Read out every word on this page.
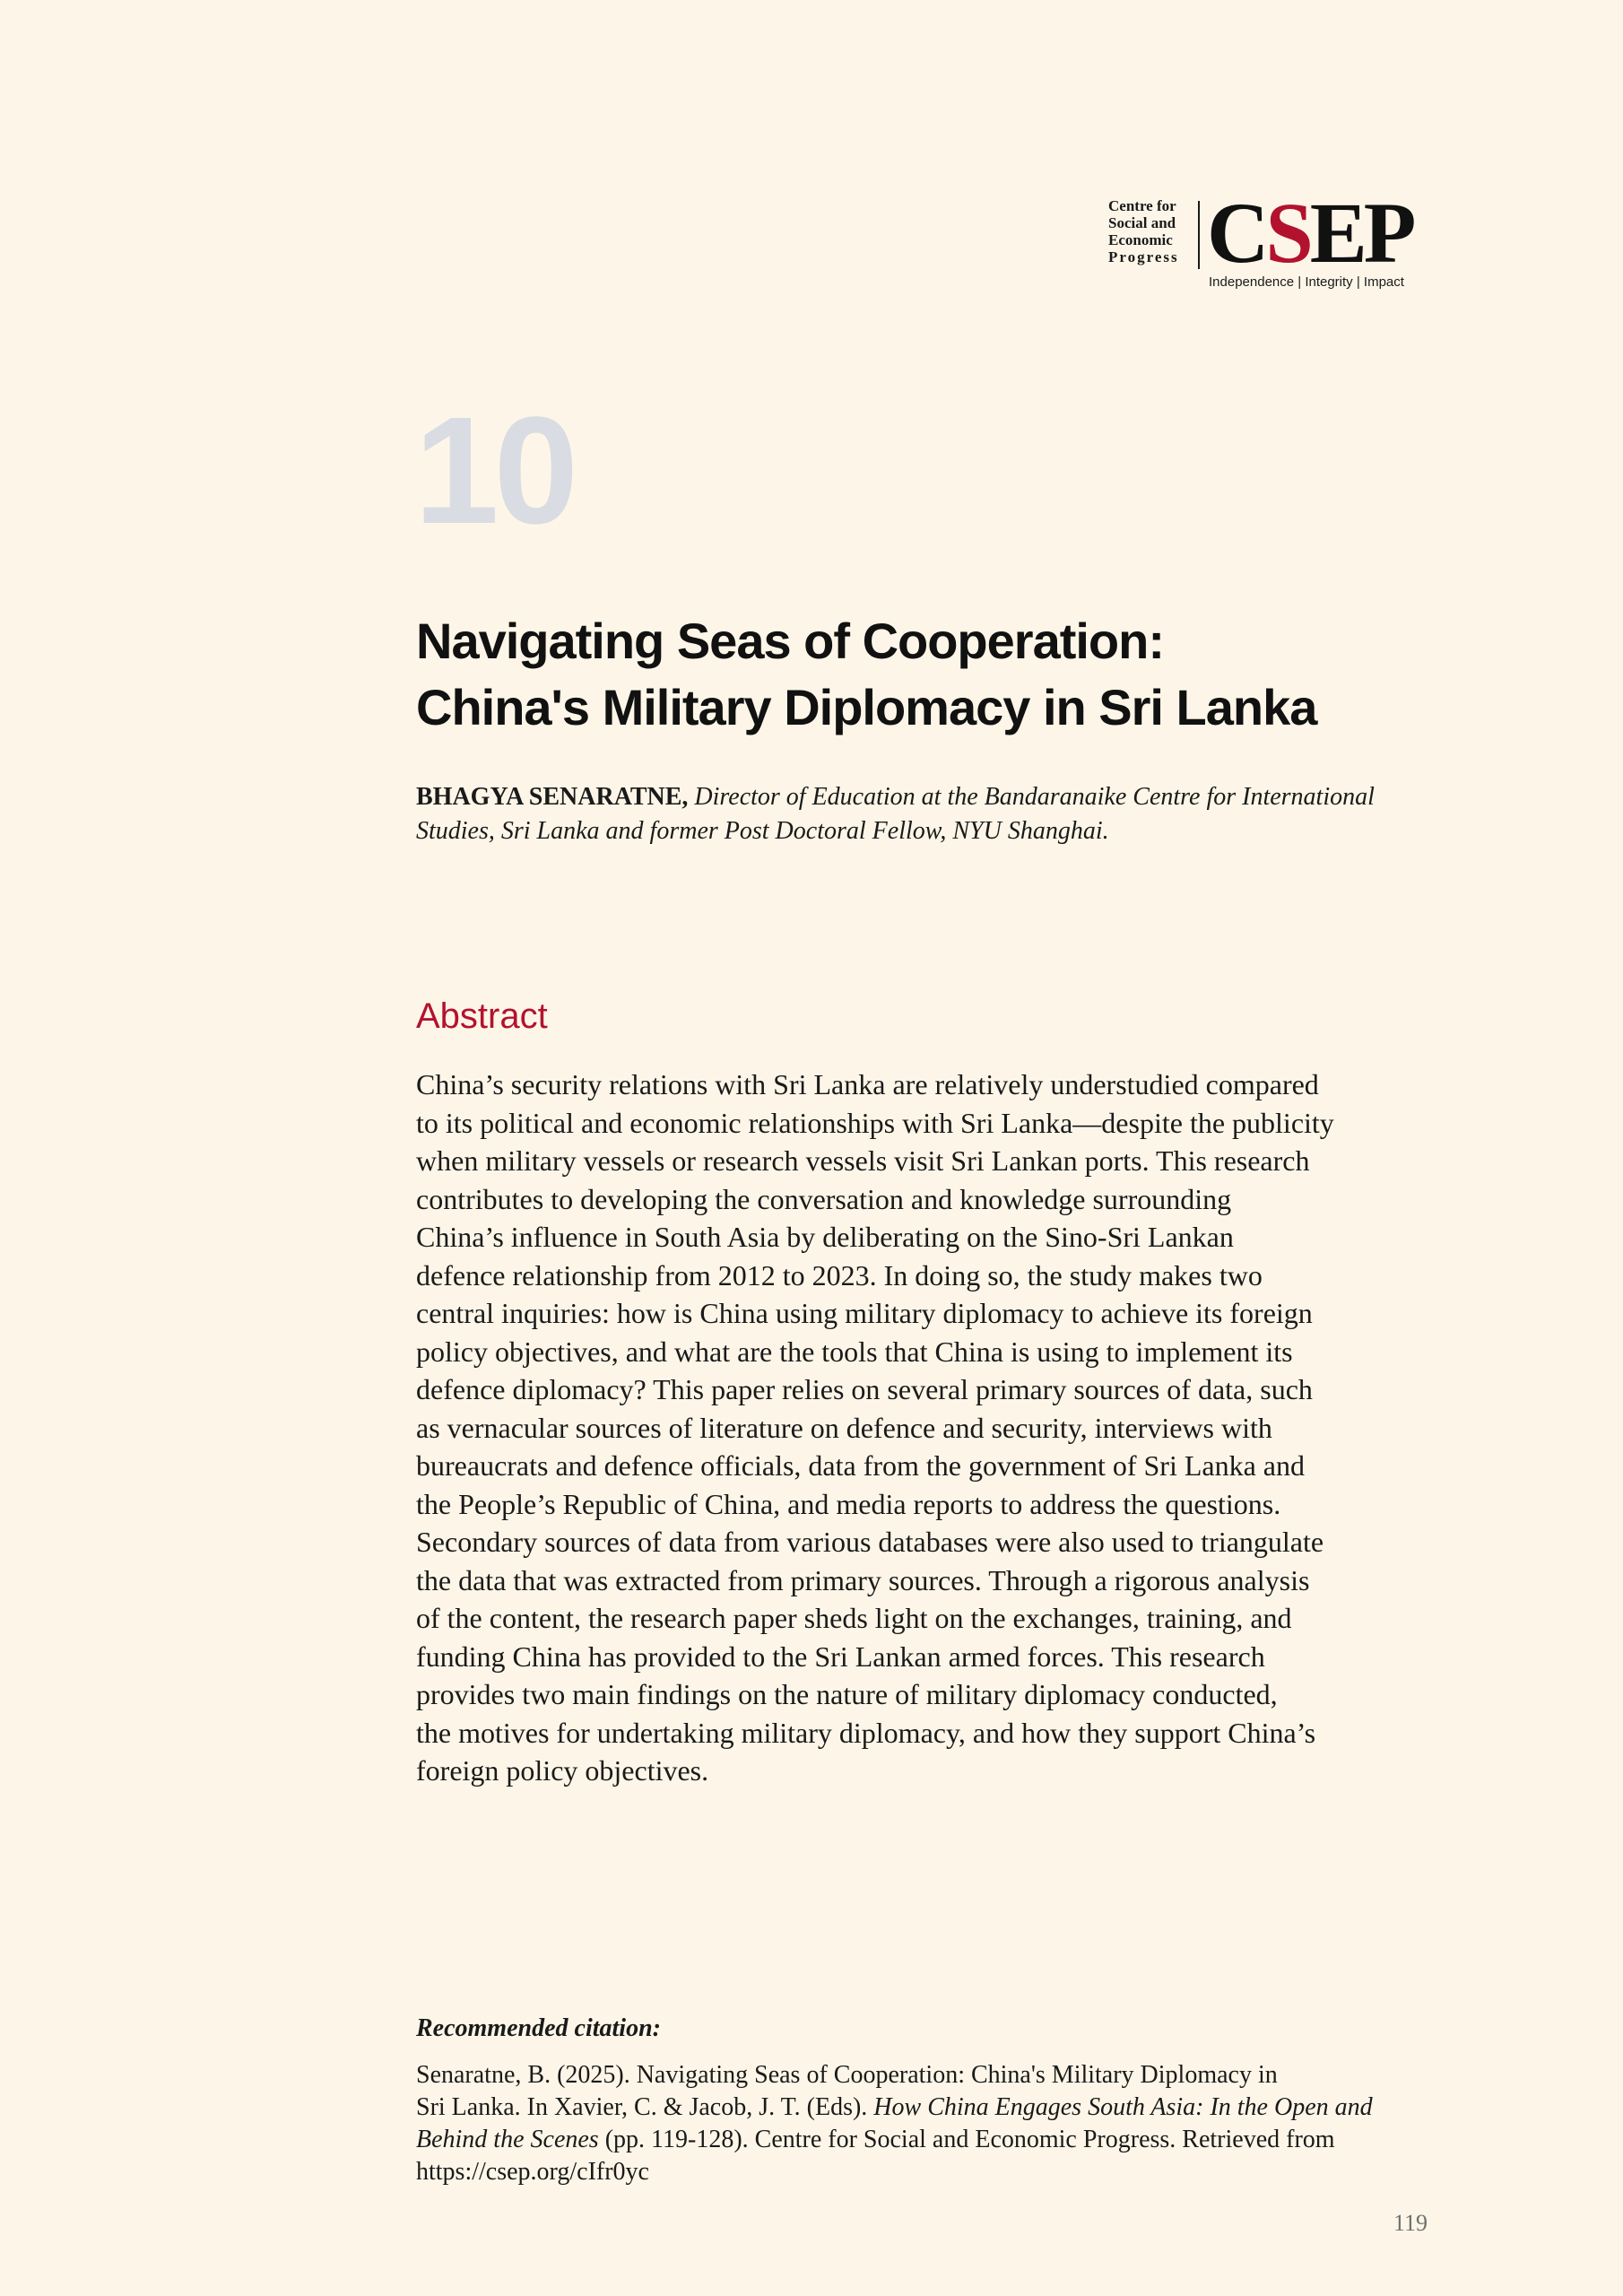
Centre for
Social and
Economic
Progress CSEP
Independence | Integrity | Impact
10
Navigating Seas of Cooperation:
China's Military Diplomacy in Sri Lanka
BHAGYA SENARATNE, Director of Education at the Bandaranaike Centre for International Studies, Sri Lanka and former Post Doctoral Fellow, NYU Shanghai.
Abstract
China’s security relations with Sri Lanka are relatively understudied compared
to its political and economic relationships with Sri Lanka—despite the publicity
when military vessels or research vessels visit Sri Lankan ports. This research
contributes to developing the conversation and knowledge surrounding
China’s influence in South Asia by deliberating on the Sino-Sri Lankan
defence relationship from 2012 to 2023. In doing so, the study makes two
central inquiries: how is China using military diplomacy to achieve its foreign
policy objectives, and what are the tools that China is using to implement its
defence diplomacy? This paper relies on several primary sources of data, such
as vernacular sources of literature on defence and security, interviews with
bureaucrats and defence officials, data from the government of Sri Lanka and
the People’s Republic of China, and media reports to address the questions.
Secondary sources of data from various databases were also used to triangulate
the data that was extracted from primary sources. Through a rigorous analysis
of the content, the research paper sheds light on the exchanges, training, and
funding China has provided to the Sri Lankan armed forces. This research
provides two main findings on the nature of military diplomacy conducted,
the motives for undertaking military diplomacy, and how they support China’s
foreign policy objectives.
Recommended citation:
Senaratne, B. (2025). Navigating Seas of Cooperation: China's Military Diplomacy in
Sri Lanka. In Xavier, C. & Jacob, J. T. (Eds). How China Engages South Asia: In the Open and
Behind the Scenes (pp. 119-128). Centre for Social and Economic Progress. Retrieved from
https://csep.org/cIfr0yc
119
